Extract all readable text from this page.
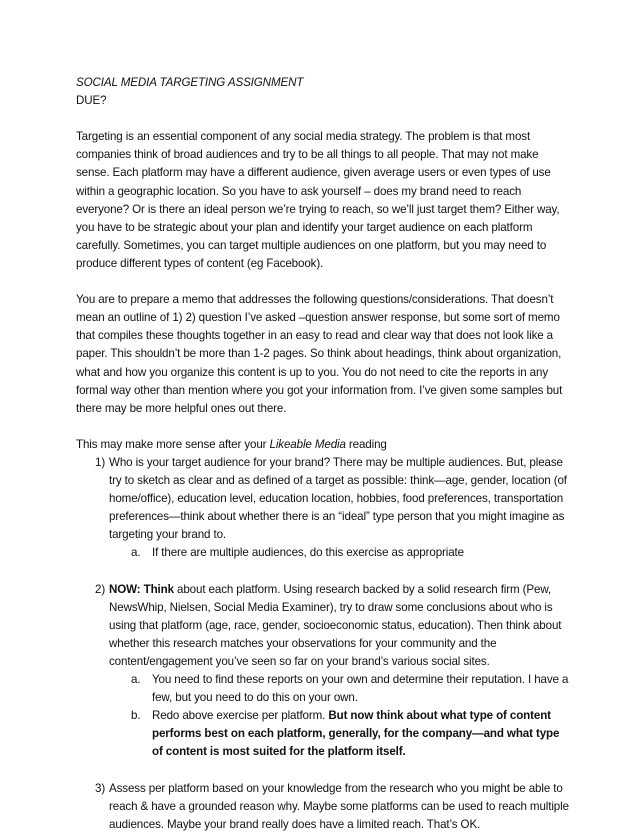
SOCIAL MEDIA TARGETING ASSIGNMENT

DUE?

Targeting is an essential component of any social media strategy. The problem is that most companies think of broad audiences and try to be all things to all people. That may not make sense. Each platform may have a different audience, given average users or even types of use within a geographic location. So you have to ask yourself – does my brand need to reach everyone? Or is there an ideal person we’re trying to reach, so we’ll just target them? Either way, you have to be strategic about your plan and identify your target audience on each platform carefully. Sometimes, you can target multiple audiences on one platform, but you may need to produce different types of content (eg Facebook).

You are to prepare a memo that addresses the following questions/considerations. That doesn’t mean an outline of 1) 2) question I’ve asked –question answer response, but some sort of memo that compiles these thoughts together in an easy to read and clear way that does not look like a paper. This shouldn’t be more than 1-2 pages. So think about headings, think about organization, what and how you organize this content is up to you. You do not need to cite the reports in any formal way other than mention where you got your information from. I’ve given some samples but there may be more helpful ones out there.

This may make more sense after your Likeable Media reading

1) Who is your target audience for your brand? There may be multiple audiences. But, please try to sketch as clear and as defined of a target as possible: think—age, gender, location (of home/office), education level, education location, hobbies, food preferences, transportation preferences—think about whether there is an “ideal” type person that you might imagine as targeting your brand to.
a. If there are multiple audiences, do this exercise as appropriate
2) NOW: Think about each platform. Using research backed by a solid research firm (Pew, NewsWhip, Nielsen, Social Media Examiner), try to draw some conclusions about who is using that platform (age, race, gender, socioeconomic status, education). Then think about whether this research matches your observations for your community and the content/engagement you’ve seen so far on your brand’s various social sites.
a. You need to find these reports on your own and determine their reputation. I have a few, but you need to do this on your own.
b. Redo above exercise per platform. But now think about what type of content performs best on each platform, generally, for the company—and what type of content is most suited for the platform itself.
3) Assess per platform based on your knowledge from the research who you might be able to reach & have a grounded reason why. Maybe some platforms can be used to reach multiple audiences. Maybe your brand really does have a limited reach. That’s OK.
